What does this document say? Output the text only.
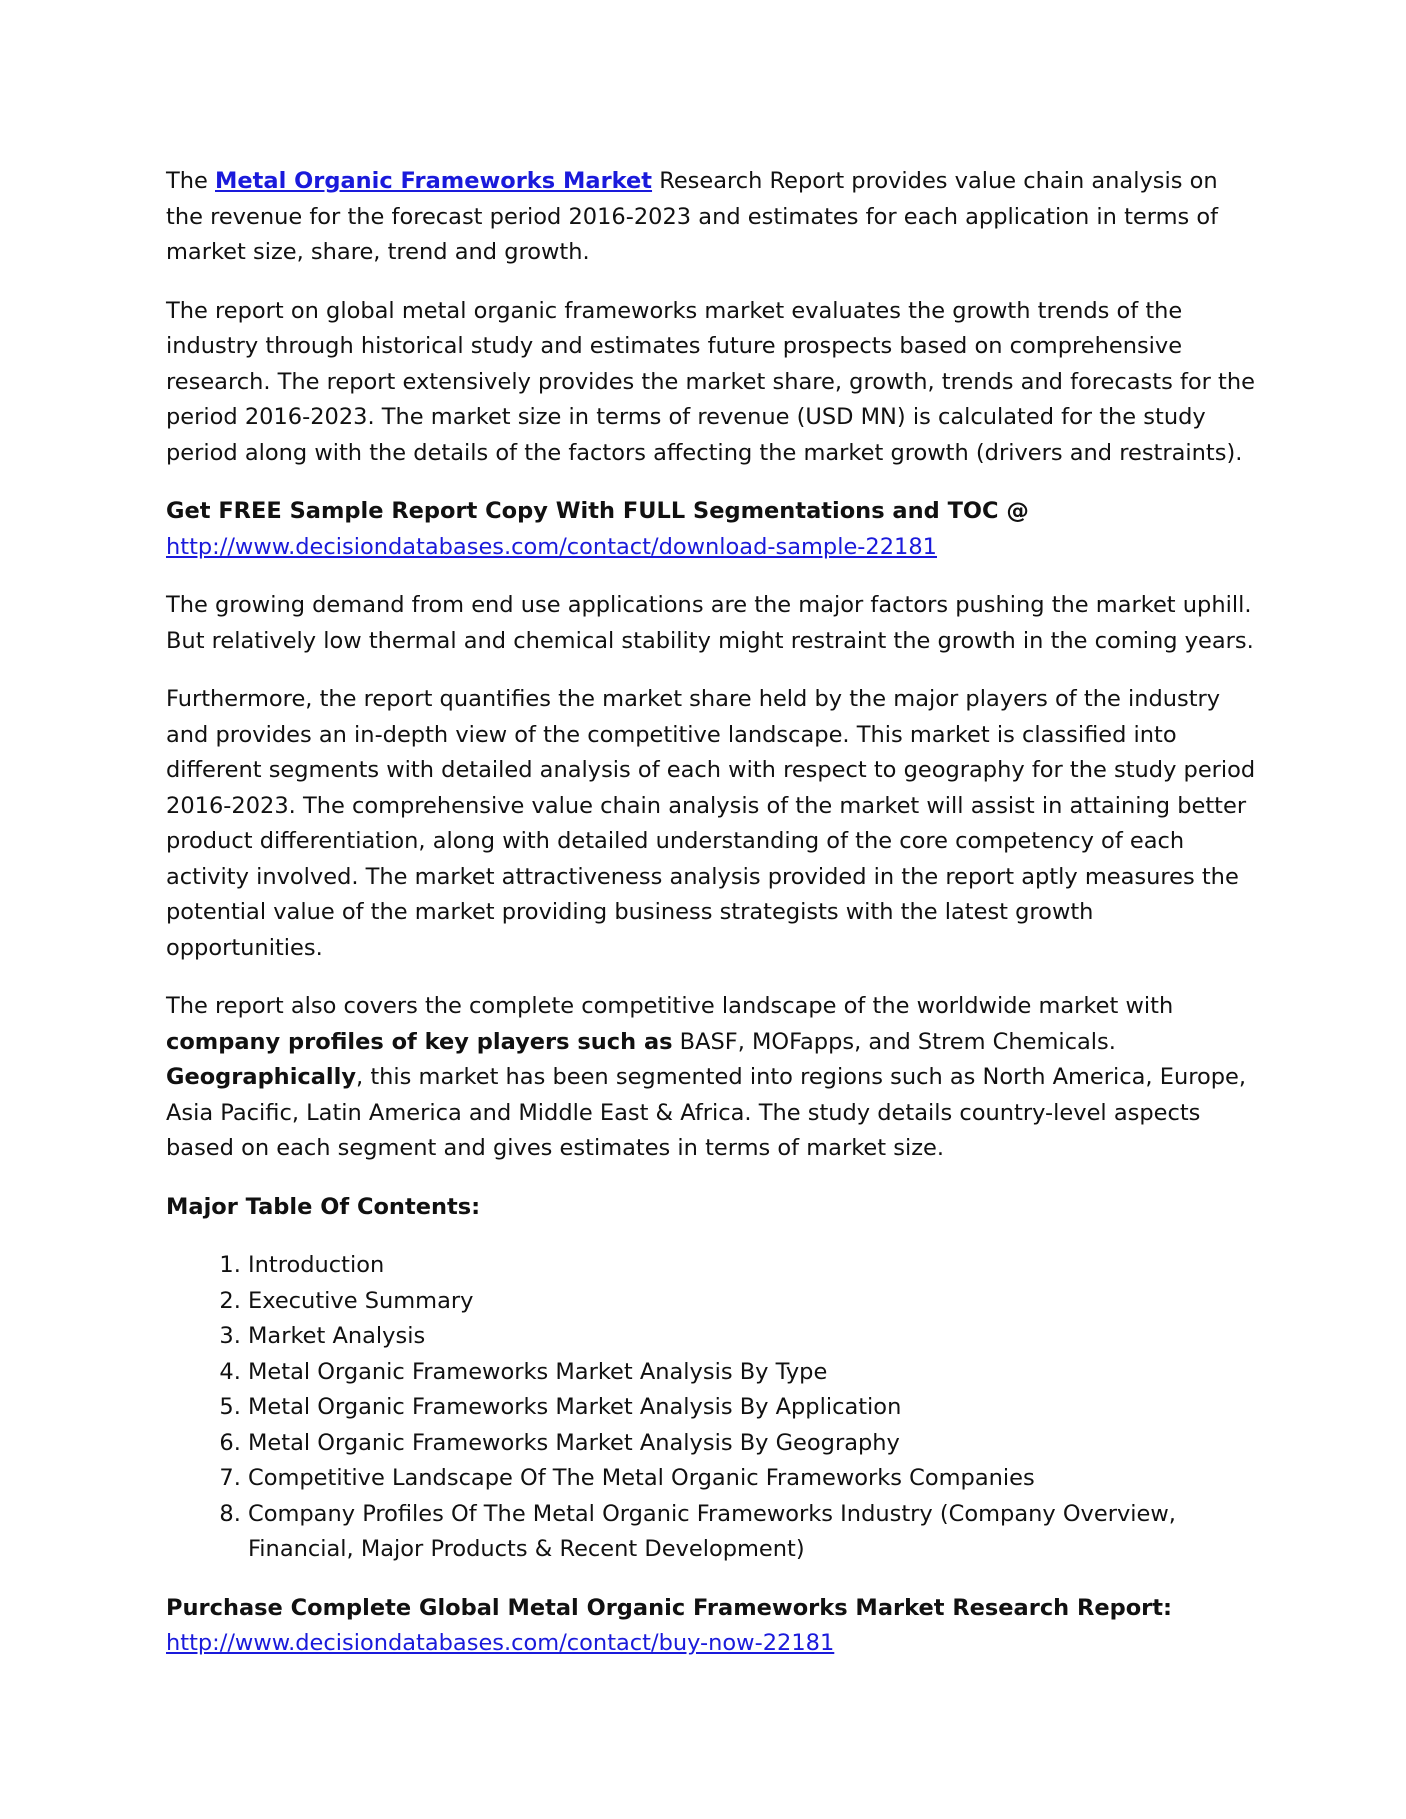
The Metal Organic Frameworks Market Research Report provides value chain analysis on the revenue for the forecast period 2016-2023 and estimates for each application in terms of market size, share, trend and growth.

The report on global metal organic frameworks market evaluates the growth trends of the industry through historical study and estimates future prospects based on comprehensive research. The report extensively provides the market share, growth, trends and forecasts for the period 2016-2023. The market size in terms of revenue (USD MN) is calculated for the study period along with the details of the factors affecting the market growth (drivers and restraints).

Get FREE Sample Report Copy With FULL Segmentations and TOC @
http://www.decisiondatabases.com/contact/download-sample-22181

The growing demand from end use applications are the major factors pushing the market uphill. But relatively low thermal and chemical stability might restraint the growth in the coming years.

Furthermore, the report quantifies the market share held by the major players of the industry and provides an in-depth view of the competitive landscape. This market is classified into different segments with detailed analysis of each with respect to geography for the study period 2016-2023. The comprehensive value chain analysis of the market will assist in attaining better product differentiation, along with detailed understanding of the core competency of each activity involved. The market attractiveness analysis provided in the report aptly measures the potential value of the market providing business strategists with the latest growth opportunities.

The report also covers the complete competitive landscape of the worldwide market with company profiles of key players such as BASF, MOFapps, and Strem Chemicals. Geographically, this market has been segmented into regions such as North America, Europe, Asia Pacific, Latin America and Middle East & Africa. The study details country-level aspects based on each segment and gives estimates in terms of market size.

Major Table Of Contents:

1. Introduction
2. Executive Summary
3. Market Analysis
4. Metal Organic Frameworks Market Analysis By Type
5. Metal Organic Frameworks Market Analysis By Application
6. Metal Organic Frameworks Market Analysis By Geography
7. Competitive Landscape Of The Metal Organic Frameworks Companies
8. Company Profiles Of The Metal Organic Frameworks Industry (Company Overview, Financial, Major Products & Recent Development)

Purchase Complete Global Metal Organic Frameworks Market Research Report:
http://www.decisiondatabases.com/contact/buy-now-22181
